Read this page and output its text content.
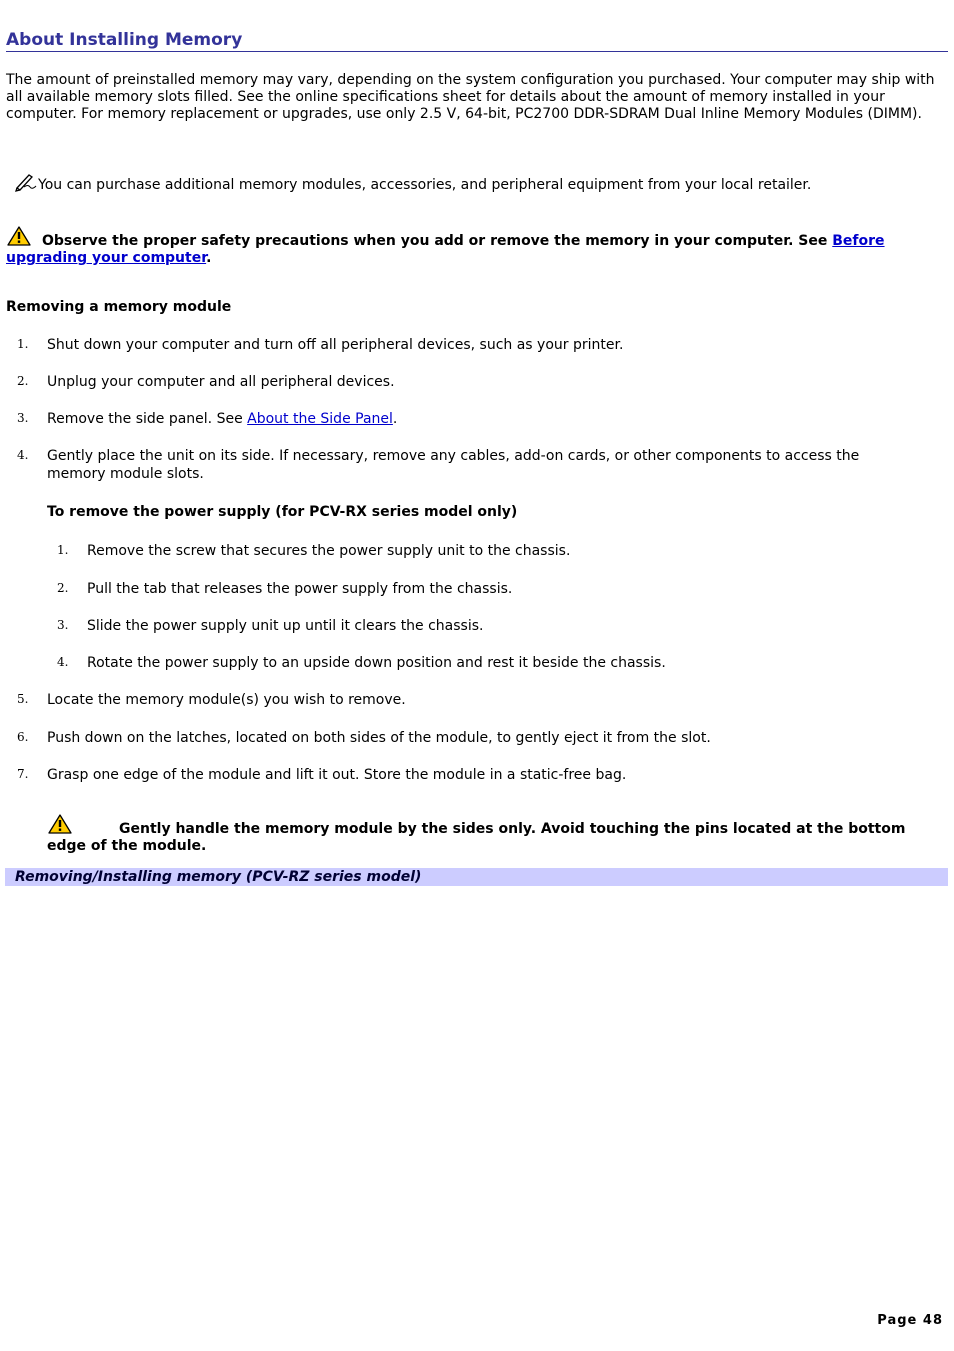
About Installing Memory
The amount of preinstalled memory may vary, depending on the system configuration you purchased. Your computer may ship with all available memory slots filled. See the online specifications sheet for details about the amount of memory installed in your computer. For memory replacement or upgrades, use only 2.5 V, 64-bit, PC2700 DDR-SDRAM Dual Inline Memory Modules (DIMM).
You can purchase additional memory modules, accessories, and peripheral equipment from your local retailer.
Observe the proper safety precautions when you add or remove the memory in your computer. See Before upgrading your computer.
Removing a memory module
1. Shut down your computer and turn off all peripheral devices, such as your printer.
2. Unplug your computer and all peripheral devices.
3. Remove the side panel. See About the Side Panel.
4. Gently place the unit on its side. If necessary, remove any cables, add-on cards, or other components to access the memory module slots.
To remove the power supply (for PCV-RX series model only)
1. Remove the screw that secures the power supply unit to the chassis.
2. Pull the tab that releases the power supply from the chassis.
3. Slide the power supply unit up until it clears the chassis.
4. Rotate the power supply to an upside down position and rest it beside the chassis.
5. Locate the memory module(s) you wish to remove.
6. Push down on the latches, located on both sides of the module, to gently eject it from the slot.
7. Grasp one edge of the module and lift it out. Store the module in a static-free bag.
Gently handle the memory module by the sides only. Avoid touching the pins located at the bottom edge of the module.
Removing/Installing memory (PCV-RZ series model)
Page 48
